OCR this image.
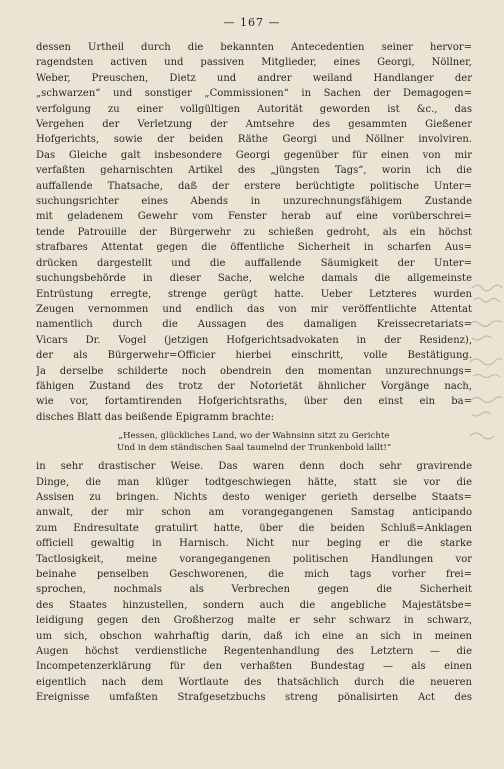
— 167 —
dessen Urtheil durch die bekannten Antecedentien seiner hervor=
ragendsten activen und passiven Mitglieder, eines Georgi, Nöllner,
Weber, Preuschen, Dietz und andrer weiland Handlanger der
„schwarzen“ und sonstiger „Commissionen“ in Sachen der Demagogen=
verfolgung zu einer vollgültigen Autorität geworden ist &c., das
Vergehen der Verletzung der Amtsehre des gesammten Gießener
Hofgerichts, sowie der beiden Räthe Georgi und Nöllner involviren.
Das Gleiche galt insbesondere Georgi gegenüber für einen von mir
verfaßten geharnischten Artikel des „jüngsten Tags“, worin ich die
auffallende Thatsache, daß der erstere berüchtigte politische Unter=
suchungsrichter eines Abends in unzurechnungsfähigem Zustande
mit geladenem Gewehr vom Fenster herab auf eine vorüberschrei=
tende Patrouille der Bürgerwehr zu schießen gedroht, als ein höchst
strafbares Attentat gegen die öffentliche Sicherheit in scharfen Aus=
drücken dargestellt und die auffallende Säumigkeit der Unter=
suchungsbehörde in dieser Sache, welche damals die allgemeinste
Entrüstung erregte, strenge gerügt hatte. Ueber Letzteres wurden
Zeugen vernommen und endlich das von mir veröffentlichte Attentat
namentlich durch die Aussagen des damaligen Kreissecretariats=
Vicars Dr. Vogel (jetzigen Hofgerichtsadvokaten in der Residenz),
der als Bürgerwehr=Officier hierbei einschritt, volle Bestätigung.
Ja derselbe schilderte noch obendrein den momentan unzurechnungs=
fähigen Zustand des trotz der Notorietät ähnlicher Vorgänge nach,
wie vor, fortamtirenden Hofgerichtsraths, über den einst ein ba=
disches Blatt das beißende Epigramm brachte:
„Hessen, glückliches Land, wo der Wahnsinn sitzt zu Gerichte
Und in dem ständischen Saal taumelnd der Trunkenbold lallt!“
in sehr drastischer Weise. Das waren denn doch sehr gravirende
Dinge, die man klüger todtgeschwiegen hätte, statt sie vor die
Assisen zu bringen. Nichts desto weniger gerieth derselbe Staats=
anwalt, der mir schon am vorangegangenen Samstag anticipando
zum Endresultate gratulirt hatte, über die beiden Schluß=Anklagen
officiell gewaltig in Harnisch. Nicht nur beging er die starke
Tactlosigkeit, meine vorangegangenen politischen Handlungen vor
beinahe penselben Geschworenen, die mich tags vorher frei=
sprochen, nochmals als Verbrechen gegen die Sicherheit
des Staates hinzustellen, sondern auch die angebliche Majestätsbe=
leidigung gegen den Großherzog malte er sehr schwarz in schwarz,
um sich, obschon wahrhaftig darin, daß ich eine an sich in meinen
Augen höchst verdienstliche Regentenhandlung des Letztern — die
Incompetenzerklärung für den verhaßten Bundestag — als einen
eigentlich nach dem Wortlaute des thatsächlich durch die neueren
Ereignisse umfaßten Strafgesetzbuchs streng pönalisirten Act des
